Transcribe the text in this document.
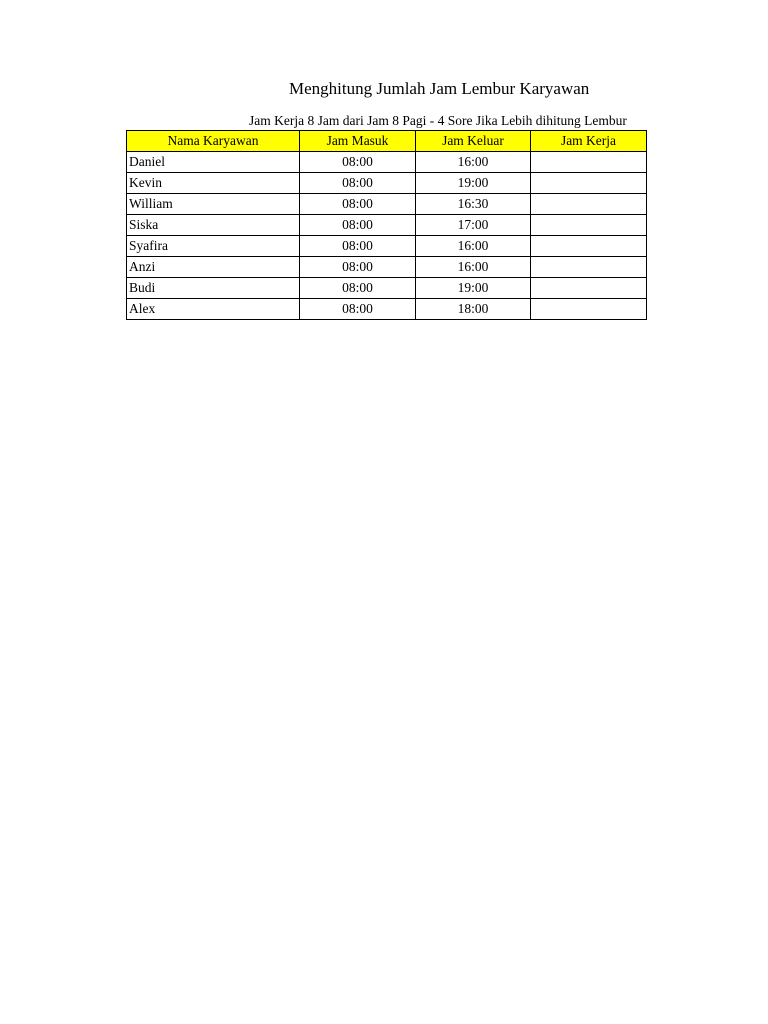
Menghitung Jumlah Jam Lembur Karyawan
Jam Kerja 8 Jam dari Jam 8 Pagi - 4 Sore Jika Lebih dihitung Lembur
Nama Karyawan	Jam Masuk	Jam Keluar	Jam Kerja
Daniel	08:00	16:00	
Kevin	08:00	19:00	
William	08:00	16:30	
Siska	08:00	17:00	
Syafira	08:00	16:00	
Anzi	08:00	16:00	
Budi	08:00	19:00	
Alex	08:00	18:00	
